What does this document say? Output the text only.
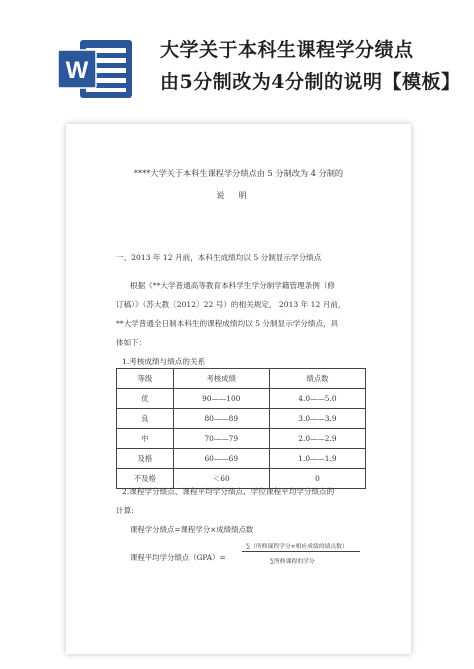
W
大学关于本科生课程学分绩点
由5分制改为4分制的说明【模板】
****大学关于本科生课程学分绩点由 5 分制改为 4 分制的
说明
一、2013 年 12 月前，本科生成绩均以 5 分制显示学分绩点
根据《**大学普通高等教育本科学生学分制学籍管理条例（修
订稿）》（苏大教〔2012〕22 号）的相关规定， 2013 年 12 月前，
**大学普通全日制本科生的课程成绩均以 5 分制显示学分绩点，具
体如下：
1.考核成绩与绩点的关系
等级	考核成绩	绩点数
优	90——100	4.0——5.0
良	80——89	3.0——3.9
中	70——79	2.0——2.9
及格	60——69	1.0——1.9
不及格	＜60	0
2.课程学分绩点、课程平均学分绩点、学位课程平均学分绩点的
计算:
课程学分绩点=课程学分×成绩绩点数
∑（所修课程学分×相应成绩的绩点数）
课程平均学分绩点（GPA）=	∑所修课程的学分
